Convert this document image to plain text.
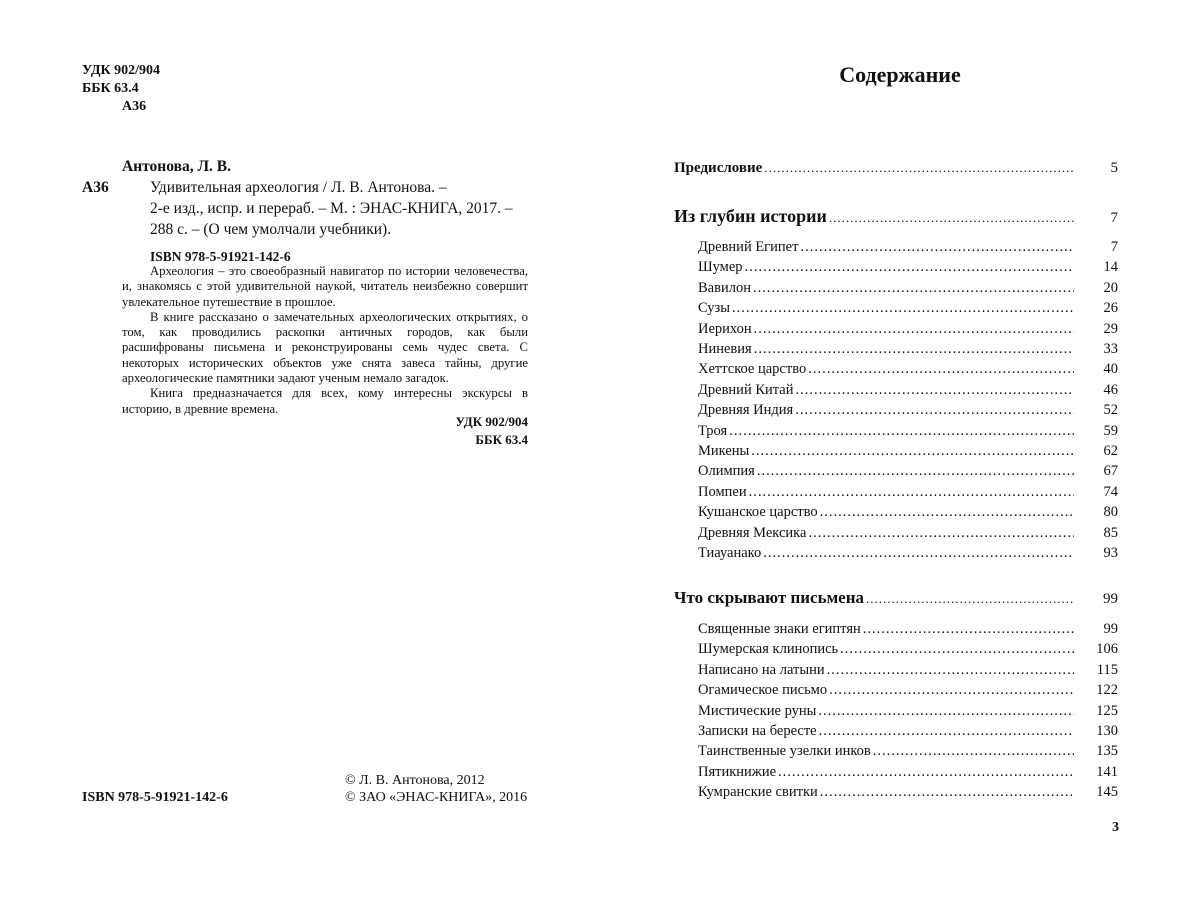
УДК 902/904
ББК 63.4
А36
Антонова, Л. В.
А36	Удивительная археология / Л. В. Антонова. –
2-е изд., испр. и перераб. – М. : ЭНАС-КНИГА, 2017. –
288 с. – (О чем умолчали учебники).
ISBN 978-5-91921-142-6

Археология – это своеобразный навигатор по истории человечества, и, знакомясь с этой удивительной наукой, читатель неизбежно совершит увлекательное путешествие в прошлое.

В книге рассказано о замечательных археологических открытиях, о том, как проводились раскопки античных городов, как были расшифрованы письмена и реконструированы семь чудес света. С некоторых исторических объектов уже снята завеса тайны, другие археологические памятники задают ученым немало загадок.

Книга предназначается для всех, кому интересны экскурсы в историю, в древние времена.

УДК 902/904
ББК 63.4
ISBN 978-5-91921-142-6
© Л. В. Антонова, 2012
© ЗАО «ЭНАС-КНИГА», 2016
Содержание
Предисловие .....	5
Из глубин истории .....	7
Древний Египет .....	7
Шумер .....	14
Вавилон .....	20
Сузы .....	26
Иерихон .....	29
Ниневия .....	33
Хеттское царство .....	40
Древний Китай .....	46
Древняя Индия .....	52
Троя .....	59
Микены .....	62
Олимпия .....	67
Помпеи .....	74
Кушанское царство .....	80
Древняя Мексика .....	85
Тиауанако .....	93
Что скрывают письмена .....	99
Священные знаки египтян .....	99
Шумерская клинопись .....	106
Написано на латыни .....	115
Огамическое письмо .....	122
Мистические руны .....	125
Записки на бересте .....	130
Таинственные узелки инков .....	135
Пятикнижие .....	141
Кумранские свитки .....	145
3
